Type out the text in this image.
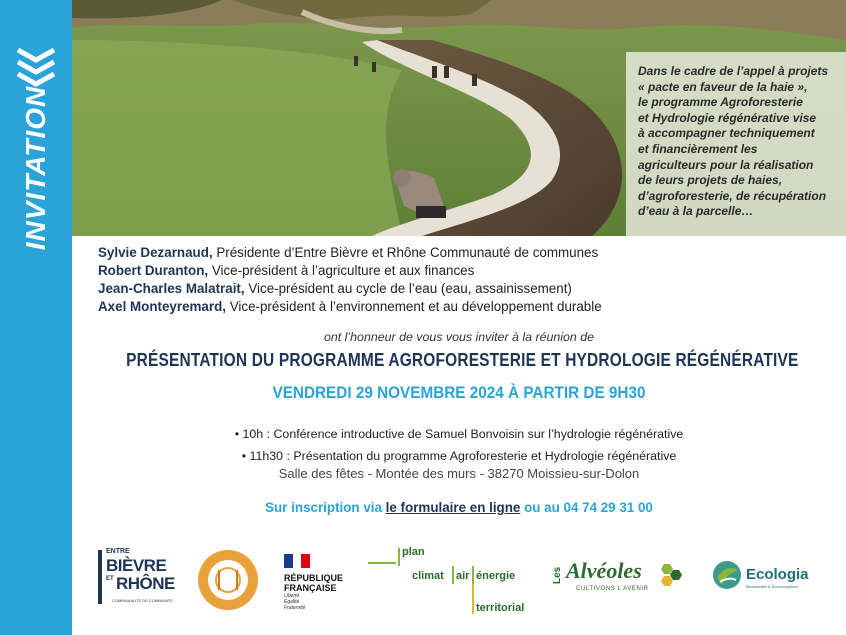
INVITATION

Dans le cadre de l’appel à projets
« pacte en faveur de la haie »,
le programme Agroforesterie
et Hydrologie régénérative vise
à accompagner techniquement
et financièrement les
agriculteurs pour la réalisation
de leurs projets de haies,
d’agroforesterie, de récupération
d’eau à la parcelle…

Sylvie Dezarnaud, Présidente d’Entre Bièvre et Rhône Communauté de communes
Robert Duranton, Vice-président à l’agriculture et aux finances
Jean-Charles Malatrait, Vice-président au cycle de l’eau (eau, assainissement)
Axel Monteyremard, Vice-président à l’environnement et au développement durable
ont l’honneur de vous vous inviter à la réunion de
PRÉSENTATION DU PROGRAMME AGROFORESTERIE ET HYDROLOGIE RÉGÉNÉRATIVE
VENDREDI 29 NOVEMBRE 2024 À PARTIR DE 9H30
• 10h : Conférence introductive de Samuel Bonvoisin sur l’hydrologie régénérative
• 11h30 : Présentation du programme Agroforesterie et Hydrologie régénérative
Salle des fêtes - Montée des murs - 38270 Moissieu-sur-Dolon
Sur inscription via le formulaire en ligne ou au 04 74 29 31 00
ENTRE
BIÈVRE
ET RHÔNE
COMMUNAUTÉ DE COMMUNES
RÉPUBLIQUE
FRANÇAISE
Liberté
Égalité
Fraternité
plan
climat air énergie
territorial
Les Alvéoles
CULTIVONS L’AVENIR
Ecologia
Biodiversité & Écoconception
